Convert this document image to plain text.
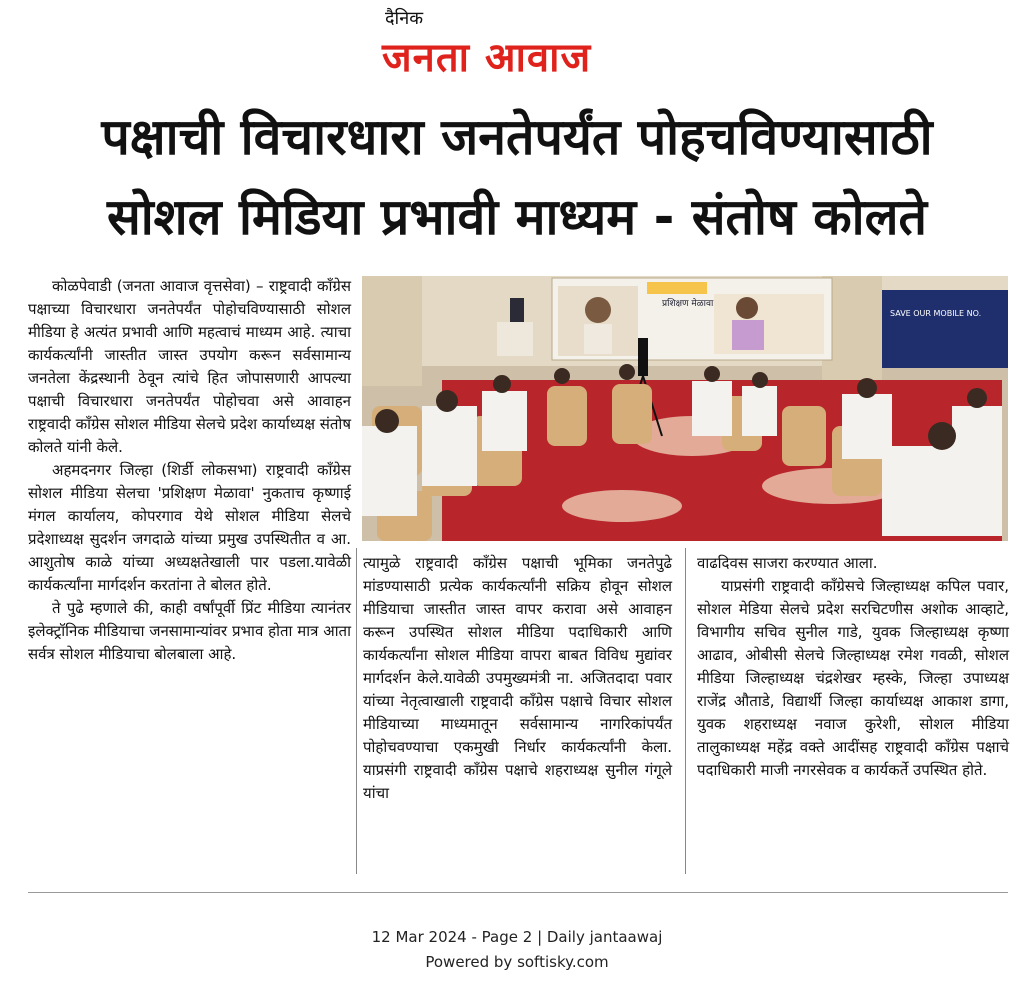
दैनिक
जनता आवाज
पक्षाची विचारधारा जनतेपर्यंत पोहचविण्यासाठी
सोशल मिडिया प्रभावी माध्यम - संतोष कोलते

कोळपेवाडी (जनता आवाज वृत्तसेवा) – राष्ट्रवादी काँग्रेस पक्षाच्या विचारधारा जनतेपर्यंत पोहोचविण्यासाठी सोशल मीडिया हे अत्यंत प्रभावी आणि महत्वाचं माध्यम आहे. त्याचा कार्यकर्त्यांनी जास्तीत जास्त उपयोग करून सर्वसामान्य जनतेला केंद्रस्थानी ठेवून त्यांचे हित जोपासणारी आपल्या पक्षाची विचारधारा जनतेपर्यंत पोहोचवा असे आवाहन राष्ट्रवादी काँग्रेस सोशल मीडिया सेलचे प्रदेश कार्याध्यक्ष संतोष कोलते यांनी केले.

अहमदनगर जिल्हा (शिर्डी लोकसभा) राष्ट्रवादी काँग्रेस सोशल मीडिया सेलचा 'प्रशिक्षण मेळावा' नुकताच कृष्णाई मंगल कार्यालय, कोपरगाव येथे सोशल मीडिया सेलचे प्रदेशाध्यक्ष सुदर्शन जगदाळे यांच्या प्रमुख उपस्थितीत व आ. आशुतोष काळे यांच्या अध्यक्षतेखाली पार पडला.यावेळी कार्यकर्त्यांना मार्गदर्शन करतांना ते बोलत होते.

ते पुढे म्हणाले की, काही वर्षांपूर्वी प्रिंट मीडिया त्यानंतर इलेक्ट्रॉनिक मीडियाचा जनसामान्यांवर प्रभाव होता मात्र आता सर्वत्र सोशल मीडियाचा बोलबाला आहे.

प्रशिक्षण मेळावा
SAVE OUR MOBILE NO.

त्यामुळे राष्ट्रवादी काँग्रेस पक्षाची भूमिका जनतेपुढे मांडण्यासाठी प्रत्येक कार्यकर्त्यांनी सक्रिय होवून सोशल मीडियाचा जास्तीत जास्त वापर करावा असे आवाहन करून उपस्थित सोशल मीडिया पदाधिकारी आणि कार्यकर्त्यांना सोशल मीडिया वापरा बाबत विविध मुद्यांवर मार्गदर्शन केले.यावेळी उपमुख्यमंत्री ना. अजितदादा पवार यांच्या नेतृत्वाखाली राष्ट्रवादी काँग्रेस पक्षाचे विचार सोशल मीडियाच्या माध्यमातून सर्वसामान्य नागरिकांपर्यंत पोहोचवण्याचा एकमुखी निर्धार कार्यकर्त्यांनी केला. याप्रसंगी राष्ट्रवादी काँग्रेस पक्षाचे शहराध्यक्ष सुनील गंगूले यांचा

वाढदिवस साजरा करण्यात आला.

याप्रसंगी राष्ट्रवादी काँग्रेसचे जिल्हाध्यक्ष कपिल पवार, सोशल मेडिया सेलचे प्रदेश सरचिटणीस अशोक आव्हाटे, विभागीय सचिव सुनील गाडे, युवक जिल्हाध्यक्ष कृष्णा आढाव, ओबीसी सेलचे जिल्हाध्यक्ष रमेश गवळी, सोशल मीडिया जिल्हाध्यक्ष चंद्रशेखर म्हस्के, जिल्हा उपाध्यक्ष राजेंद्र औताडे, विद्यार्थी जिल्हा कार्याध्यक्ष आकाश डागा, युवक शहराध्यक्ष नवाज कुरेशी, सोशल मीडिया तालुकाध्यक्ष महेंद्र वक्ते आदींसह राष्ट्रवादी काँग्रेस पक्षाचे पदाधिकारी माजी नगरसेवक व कार्यकर्ते उपस्थित होते.

12 Mar 2024 - Page 2 | Daily jantaawaj
Powered by softisky.com
